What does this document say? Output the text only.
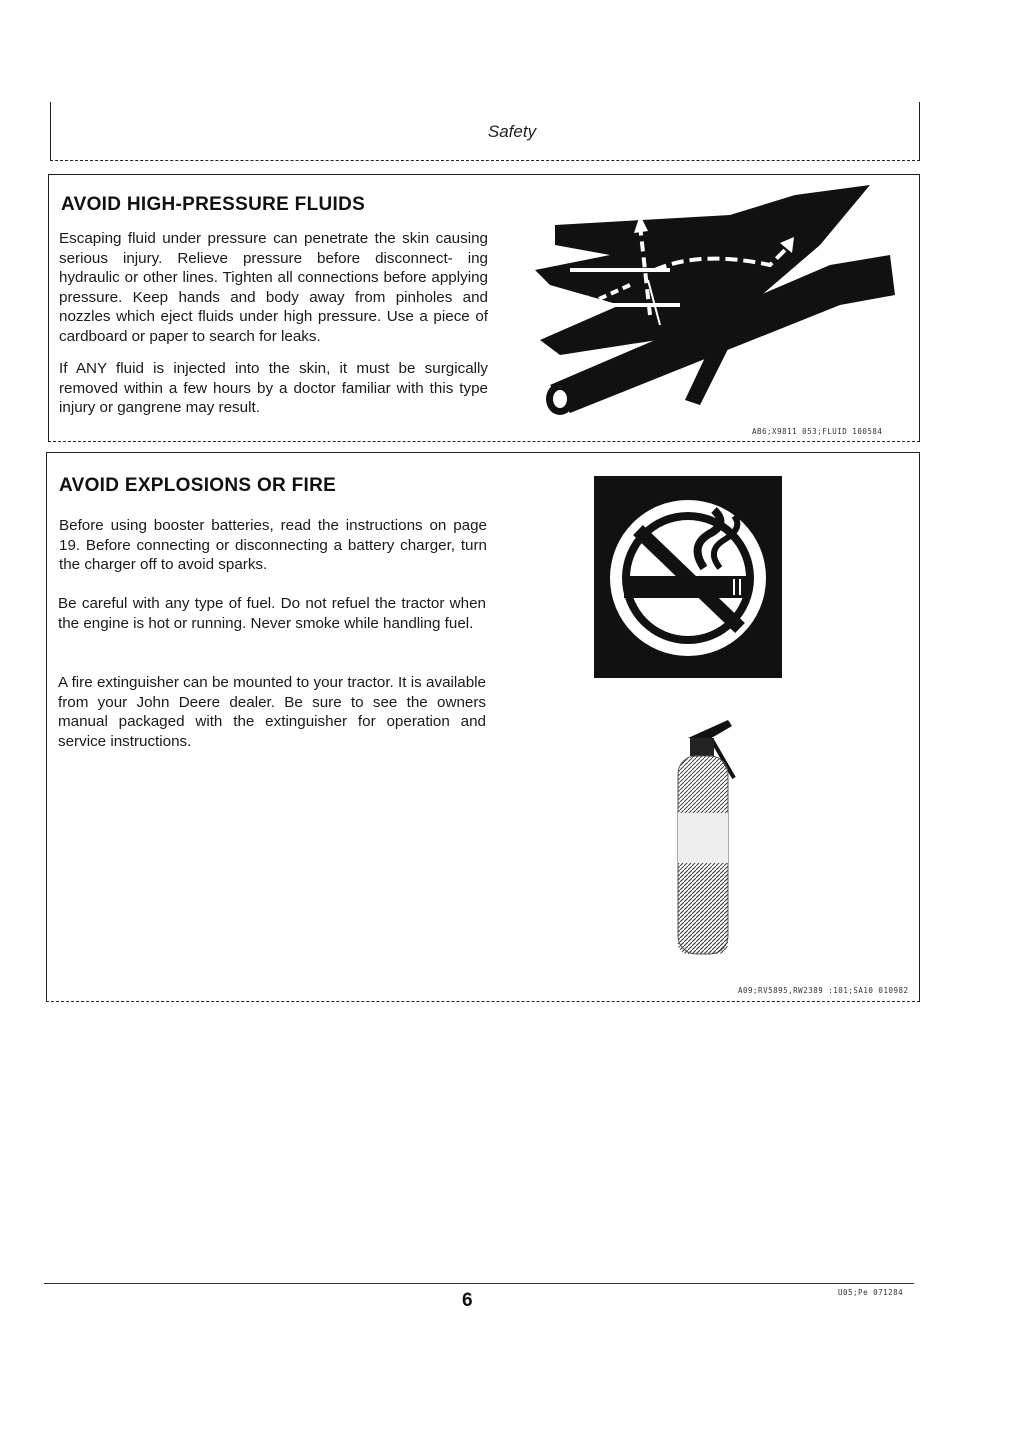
Safety
AVOID HIGH-PRESSURE FLUIDS
Escaping fluid under pressure can penetrate the skin causing serious injury. Relieve pressure before disconnect- ing hydraulic or other lines. Tighten all connections before applying pressure. Keep hands and body away from pinholes and nozzles which eject fluids under high pressure. Use a piece of cardboard or paper to search for leaks.
If ANY fluid is injected into the skin, it must be surgically removed within a few hours by a doctor familiar with this type injury or gangrene may result.
AB6;X9811 053;FLUID 100584
AVOID EXPLOSIONS OR FIRE
Before using booster batteries, read the instructions on page 19. Before connecting or disconnecting a battery charger, turn the charger off to avoid sparks.
Be careful with any type of fuel. Do not refuel the tractor when the engine is hot or running. Never smoke while handling fuel.
A fire extinguisher can be mounted to your tractor. It is available from your John Deere dealer. Be sure to see the owners manual packaged with the extinguisher for operation and service instructions.
A09;RV5895,RW2389 :101;SA10 010982
6	U05;Pe 071284
